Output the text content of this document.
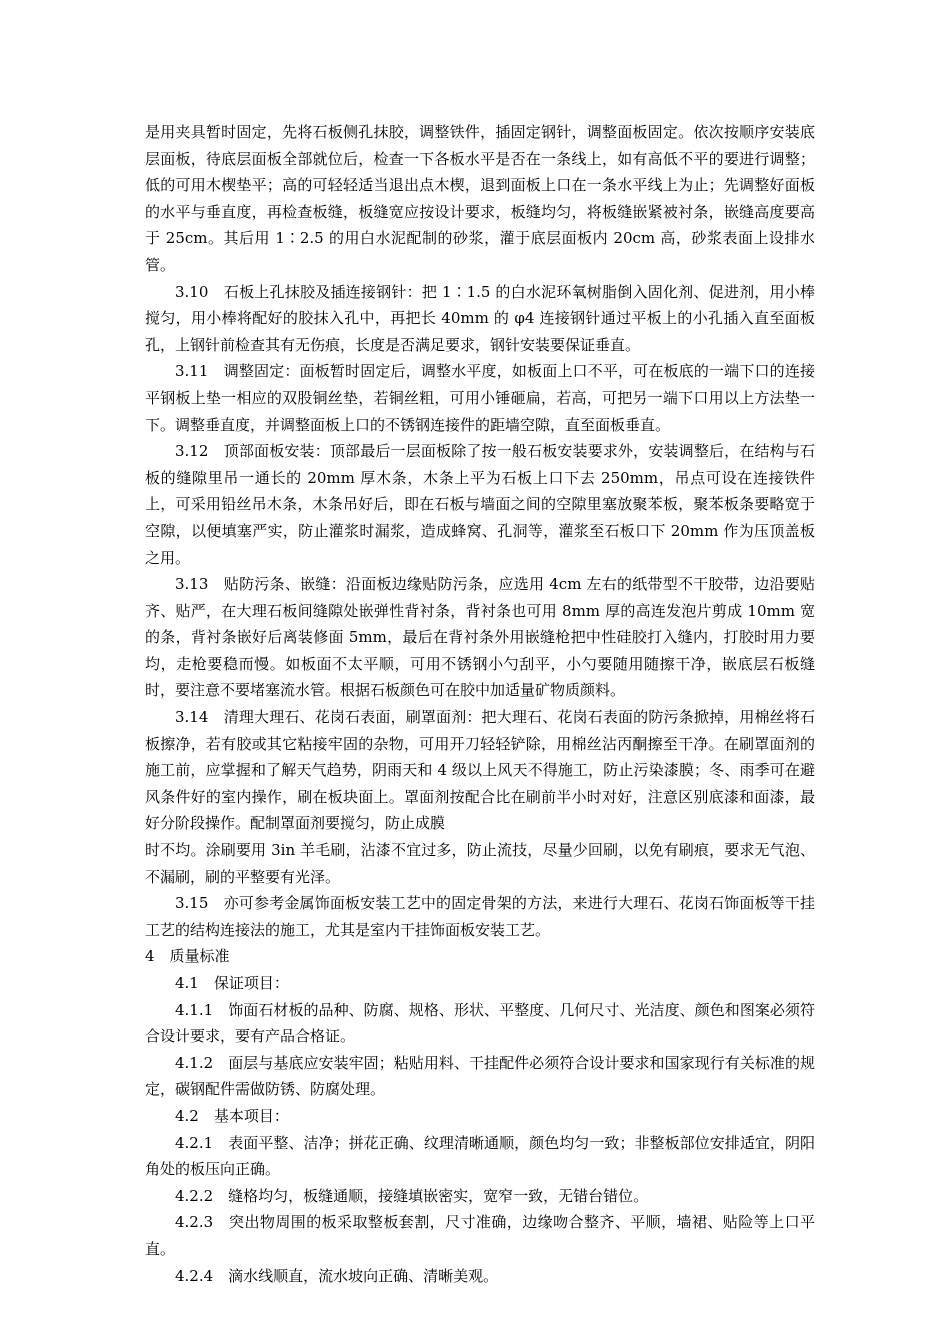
是用夹具暂时固定，先将石板侧孔抹胶，调整铁件，插固定钢针，调整面板固定。依次按顺序安装底层面板，待底层面板全部就位后，检查一下各板水平是否在一条线上，如有高低不平的要进行调整；低的可用木楔垫平；高的可轻轻适当退出点木楔，退到面板上口在一条水平线上为止；先调整好面板的水平与垂直度，再检查板缝，板缝宽应按设计要求，板缝均匀，将板缝嵌紧被衬条，嵌缝高度要高于 25cm。其后用 1∶2.5 的用白水泥配制的砂浆，灌于底层面板内 20cm 高，砂浆表面上设排水管。

3.10　石板上孔抹胶及插连接钢针：把 1∶1.5 的白水泥环氧树脂倒入固化剂、促进剂，用小棒搅匀，用小棒将配好的胶抹入孔中，再把长 40mm 的 φ4 连接钢针通过平板上的小孔插入直至面板孔，上钢针前检查其有无伤痕，长度是否满足要求，钢针安装要保证垂直。

3.11　调整固定：面板暂时固定后，调整水平度，如板面上口不平，可在板底的一端下口的连接平钢板上垫一相应的双股铜丝垫，若铜丝粗，可用小锤砸扁，若高，可把另一端下口用以上方法垫一下。调整垂直度，并调整面板上口的不锈钢连接件的距墙空隙，直至面板垂直。

3.12　顶部面板安装：顶部最后一层面板除了按一般石板安装要求外，安装调整后，在结构与石板的缝隙里吊一通长的 20mm 厚木条，木条上平为石板上口下去 250mm，吊点可设在连接铁件上，可采用铅丝吊木条，木条吊好后，即在石板与墙面之间的空隙里塞放聚苯板，聚苯板条要略宽于空隙，以便填塞严实，防止灌浆时漏浆，造成蜂窝、孔洞等，灌浆至石板口下 20mm 作为压顶盖板之用。

3.13　贴防污条、嵌缝：沿面板边缘贴防污条，应选用 4cm 左右的纸带型不干胶带，边沿要贴齐、贴严，在大理石板间缝隙处嵌弹性背衬条，背衬条也可用 8mm 厚的高连发泡片剪成 10mm 宽的条，背衬条嵌好后离装修面 5mm，最后在背衬条外用嵌缝枪把中性硅胶打入缝内，打胶时用力要均，走枪要稳而慢。如板面不太平顺，可用不锈钢小勺刮平，小勺要随用随擦干净，嵌底层石板缝时，要注意不要堵塞流水管。根据石板颜色可在胶中加适量矿物质颜料。

3.14　清理大理石、花岗石表面，刷罩面剂：把大理石、花岗石表面的防污条掀掉，用棉丝将石板擦净，若有胶或其它粘接牢固的杂物，可用开刀轻轻铲除，用棉丝沾丙酮擦至干净。在刷罩面剂的施工前，应掌握和了解天气趋势，阴雨天和 4 级以上风天不得施工，防止污染漆膜；冬、雨季可在避风条件好的室内操作，刷在板块面上。罩面剂按配合比在刷前半小时对好，注意区别底漆和面漆，最好分阶段操作。配制罩面剂要搅匀，防止成膜

时不均。涂刷要用 3in 羊毛刷，沾漆不宜过多，防止流技，尽量少回刷，以免有刷痕，要求无气泡、不漏刷，刷的平整要有光泽。

3.15　亦可参考金属饰面板安装工艺中的固定骨架的方法，来进行大理石、花岗石饰面板等干挂工艺的结构连接法的施工，尤其是室内干挂饰面板安装工艺。

4　质量标准

4.1　保证项目：

4.1.1　饰面石材板的品种、防腐、规格、形状、平整度、几何尺寸、光洁度、颜色和图案必须符合设计要求，要有产品合格证。

4.1.2　面层与基底应安装牢固；粘贴用料、干挂配件必须符合设计要求和国家现行有关标准的规定，碳钢配件需做防锈、防腐处理。

4.2　基本项目：

4.2.1　表面平整、洁净；拼花正确、纹理清晰通顺，颜色均匀一致；非整板部位安排适宜，阴阳角处的板压向正确。

4.2.2　缝格均匀，板缝通顺，接缝填嵌密实，宽窄一致，无错台错位。

4.2.3　突出物周围的板采取整板套割，尺寸准确，边缘吻合整齐、平顺，墙裙、贴险等上口平直。

4.2.4　滴水线顺直，流水坡向正确、清晰美观。
